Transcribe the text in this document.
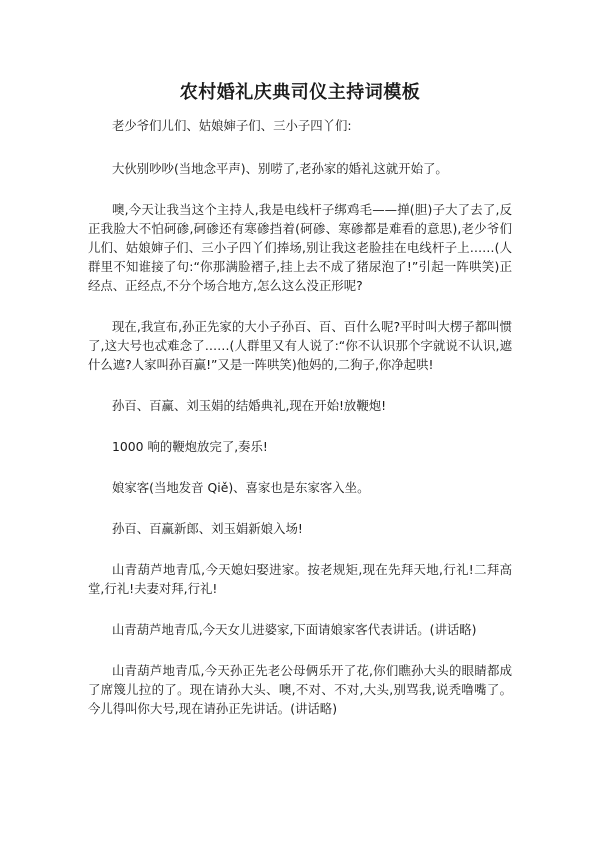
农村婚礼庆典司仪主持词模板

老少爷们儿们、姑娘婶子们、三小子四丫们:

大伙别吵吵(当地念平声)、别唠了,老孙家的婚礼这就开始了。

噢,今天让我当这个主持人,我是电线杆子绑鸡毛——掸(胆)子大了去了,反正我脸大不怕砢碜,砢碜还有寒碜挡着(砢碜、寒碜都是难看的意思),老少爷们儿们、姑娘婶子们、三小子四丫们捧场,别让我这老脸挂在电线杆子上……(人群里不知谁接了句:“你那满脸褶子,挂上去不成了猪尿泡了!”引起一阵哄笑)正经点、正经点,不分个场合地方,怎么这么没正形呢?

现在,我宣布,孙正先家的大小子孙百、百、百什么呢?平时叫大楞子都叫惯了,这大号也忒难念了……(人群里又有人说了:“你不认识那个字就说不认识,遮什么遮?人家叫孙百赢!”又是一阵哄笑)他妈的,二狗子,你净起哄!

孙百、百赢、刘玉娟的结婚典礼,现在开始!放鞭炮!

1000 响的鞭炮放完了,奏乐!

娘家客(当地发音 Qiě)、喜家也是东家客入坐。

孙百、百赢新郎、刘玉娟新娘入场!

山青葫芦地青瓜,今天媳妇娶进家。按老规矩,现在先拜天地,行礼!二拜高堂,行礼!夫妻对拜,行礼!

山青葫芦地青瓜,今天女儿进婆家,下面请娘家客代表讲话。(讲话略)

山青葫芦地青瓜,今天孙正先老公母俩乐开了花,你们瞧孙大头的眼睛都成了席篾儿拉的了。现在请孙大头、噢,不对、不对,大头,别骂我,说秃噜嘴了。今儿得叫你大号,现在请孙正先讲话。(讲话略)
